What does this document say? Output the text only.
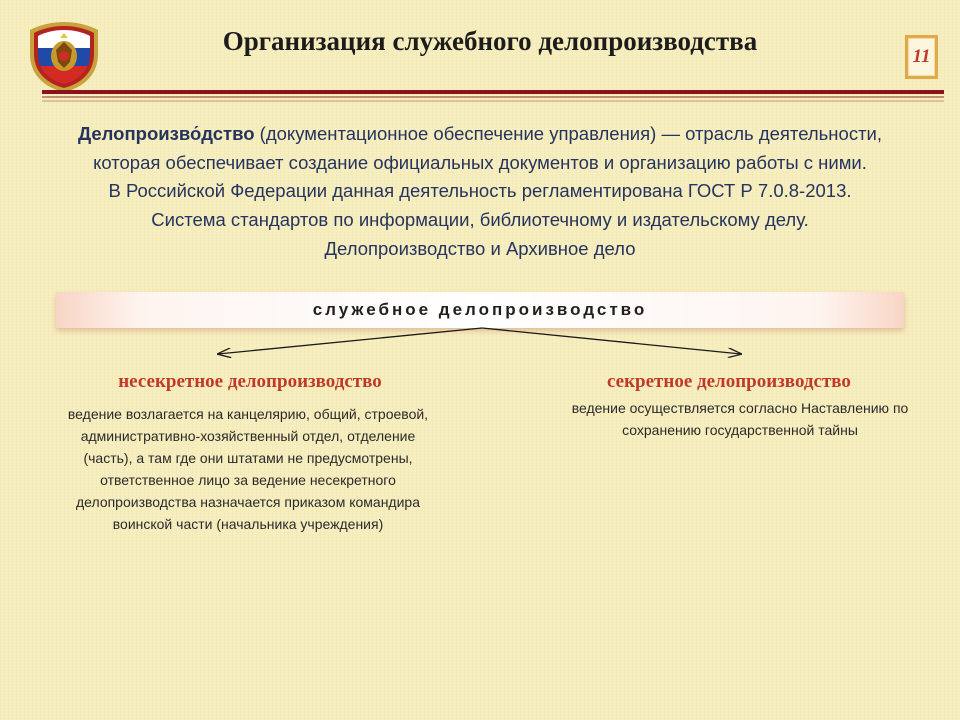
Организация служебного делопроизводства
11

Делопроизво́дство (документационное обеспечение управления) — отрасль деятельности,
которая обеспечивает создание официальных документов и организацию работы с ними.
В Российской Федерации данная деятельность регламентирована ГОСТ Р 7.0.8-2013.
Система стандартов по информации, библиотечному и издательскому делу.
Делопроизводство и Архивное дело

служебное делопроизводство
несекретное делопроизводство

ведение возлагается на канцелярию, общий, строевой,
административно-хозяйственный отдел, отделение
(часть), а там где они штатами не предусмотрены,
ответственное лицо за ведение несекретного
делопроизводства назначается приказом командира
воинской части (начальника учреждения)

секретное делопроизводство

ведение осуществляется согласно Наставлению по
сохранению государственной тайны
